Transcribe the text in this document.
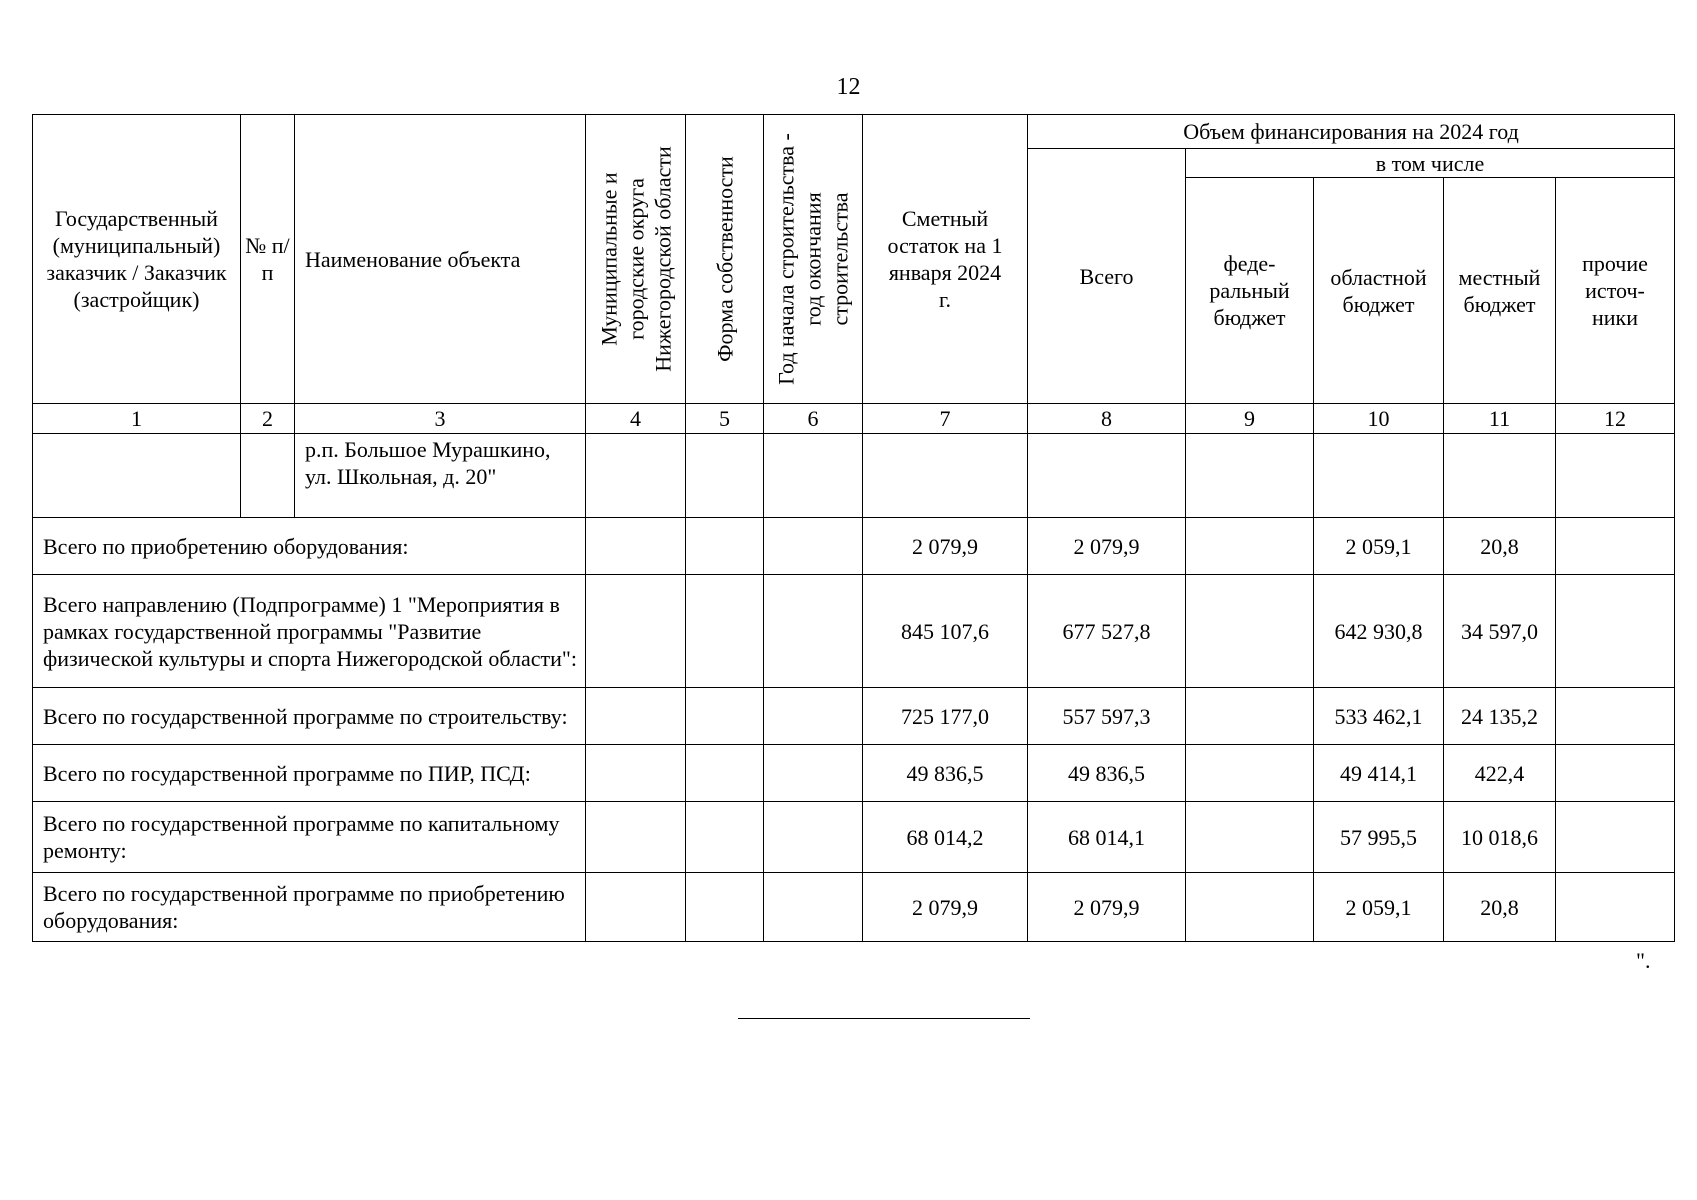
12
Государственный (муниципальный) заказчик / Заказчик (застройщик)	№ п/п	Наименование объекта	Муниципальные и городские округа Нижегородской области	Форма собственности	Год начала строительства - год окончания строительства	Сметный остаток на 1 января 2024 г.	Объем финансирования на 2024 год				
							Всего	в том числе			
								феде-ральный бюджет	областной бюджет	местный бюджет	прочие источ-ники
1	2	3	4	5	6	7	8	9	10	11	12
		р.п. Большое Мурашкино, ул. Школьная, д. 20"									
Всего по приобретению оборудования:						2 079,9	2 079,9		2 059,1	20,8	
Всего направлению (Подпрограмме) 1 "Мероприятия в рамках государственной программы "Развитие физической культуры и спорта Нижегородской области":						845 107,6	677 527,8		642 930,8	34 597,0	
Всего по государственной программе по строительству:						725 177,0	557 597,3		533 462,1	24 135,2	
Всего по государственной программе по ПИР, ПСД:						49 836,5	49 836,5		49 414,1	422,4	
Всего по государственной программе по капитальному ремонту:						68 014,2	68 014,1		57 995,5	10 018,6	
Всего по государственной программе по приобретению оборудования:						2 079,9	2 079,9		2 059,1	20,8	
".
